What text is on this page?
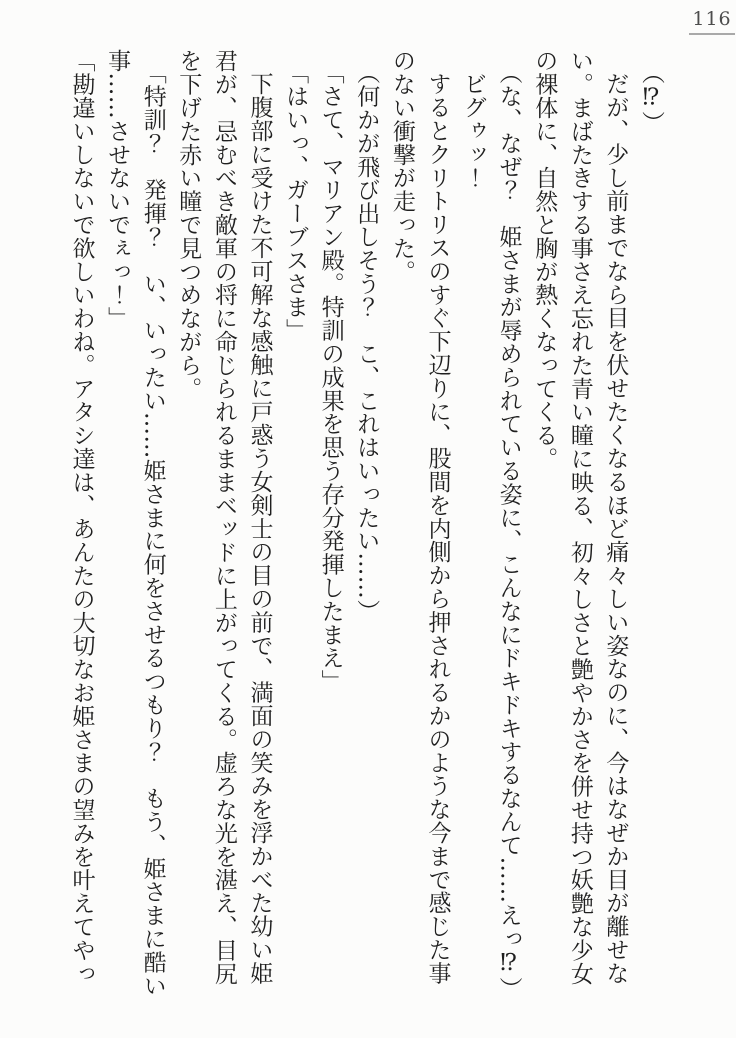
116

（⁉）

だが、少し前までなら目を伏せたくなるほど痛々しい姿なのに、今はなぜか目が離せな

い。まばたきする事さえ忘れた青い瞳に映る、初々しさと艶やかさを併せ持つ妖艶な少女

の裸体に、自然と胸が熱くなってくる。

（な、なぜ？　姫さまが辱められている姿に、こんなにドキドキするなんて……えっ⁉）

ビグゥッ！

するとクリトリスのすぐ下辺りに、股間を内側から押されるかのような今まで感じた事

のない衝撃が走った。

（何かが飛び出しそう？　こ、これはいったい……）

「さて、マリアン殿。特訓の成果を思う存分発揮したまえ」

「はいっ、ガーブスさま」

下腹部に受けた不可解な感触に戸惑う女剣士の目の前で、満面の笑みを浮かべた幼い姫

君が、忌むべき敵軍の将に命じられるままベッドに上がってくる。虚ろな光を湛え、目尻

を下げた赤い瞳で見つめながら。

「特訓？　発揮？　い、いったい……姫さまに何をさせるつもり？　もう、姫さまに酷い

事……させないでぇっ！」

「勘違いしないで欲しいわね。アタシ達は、あんたの大切なお姫さまの望みを叶えてやっ
